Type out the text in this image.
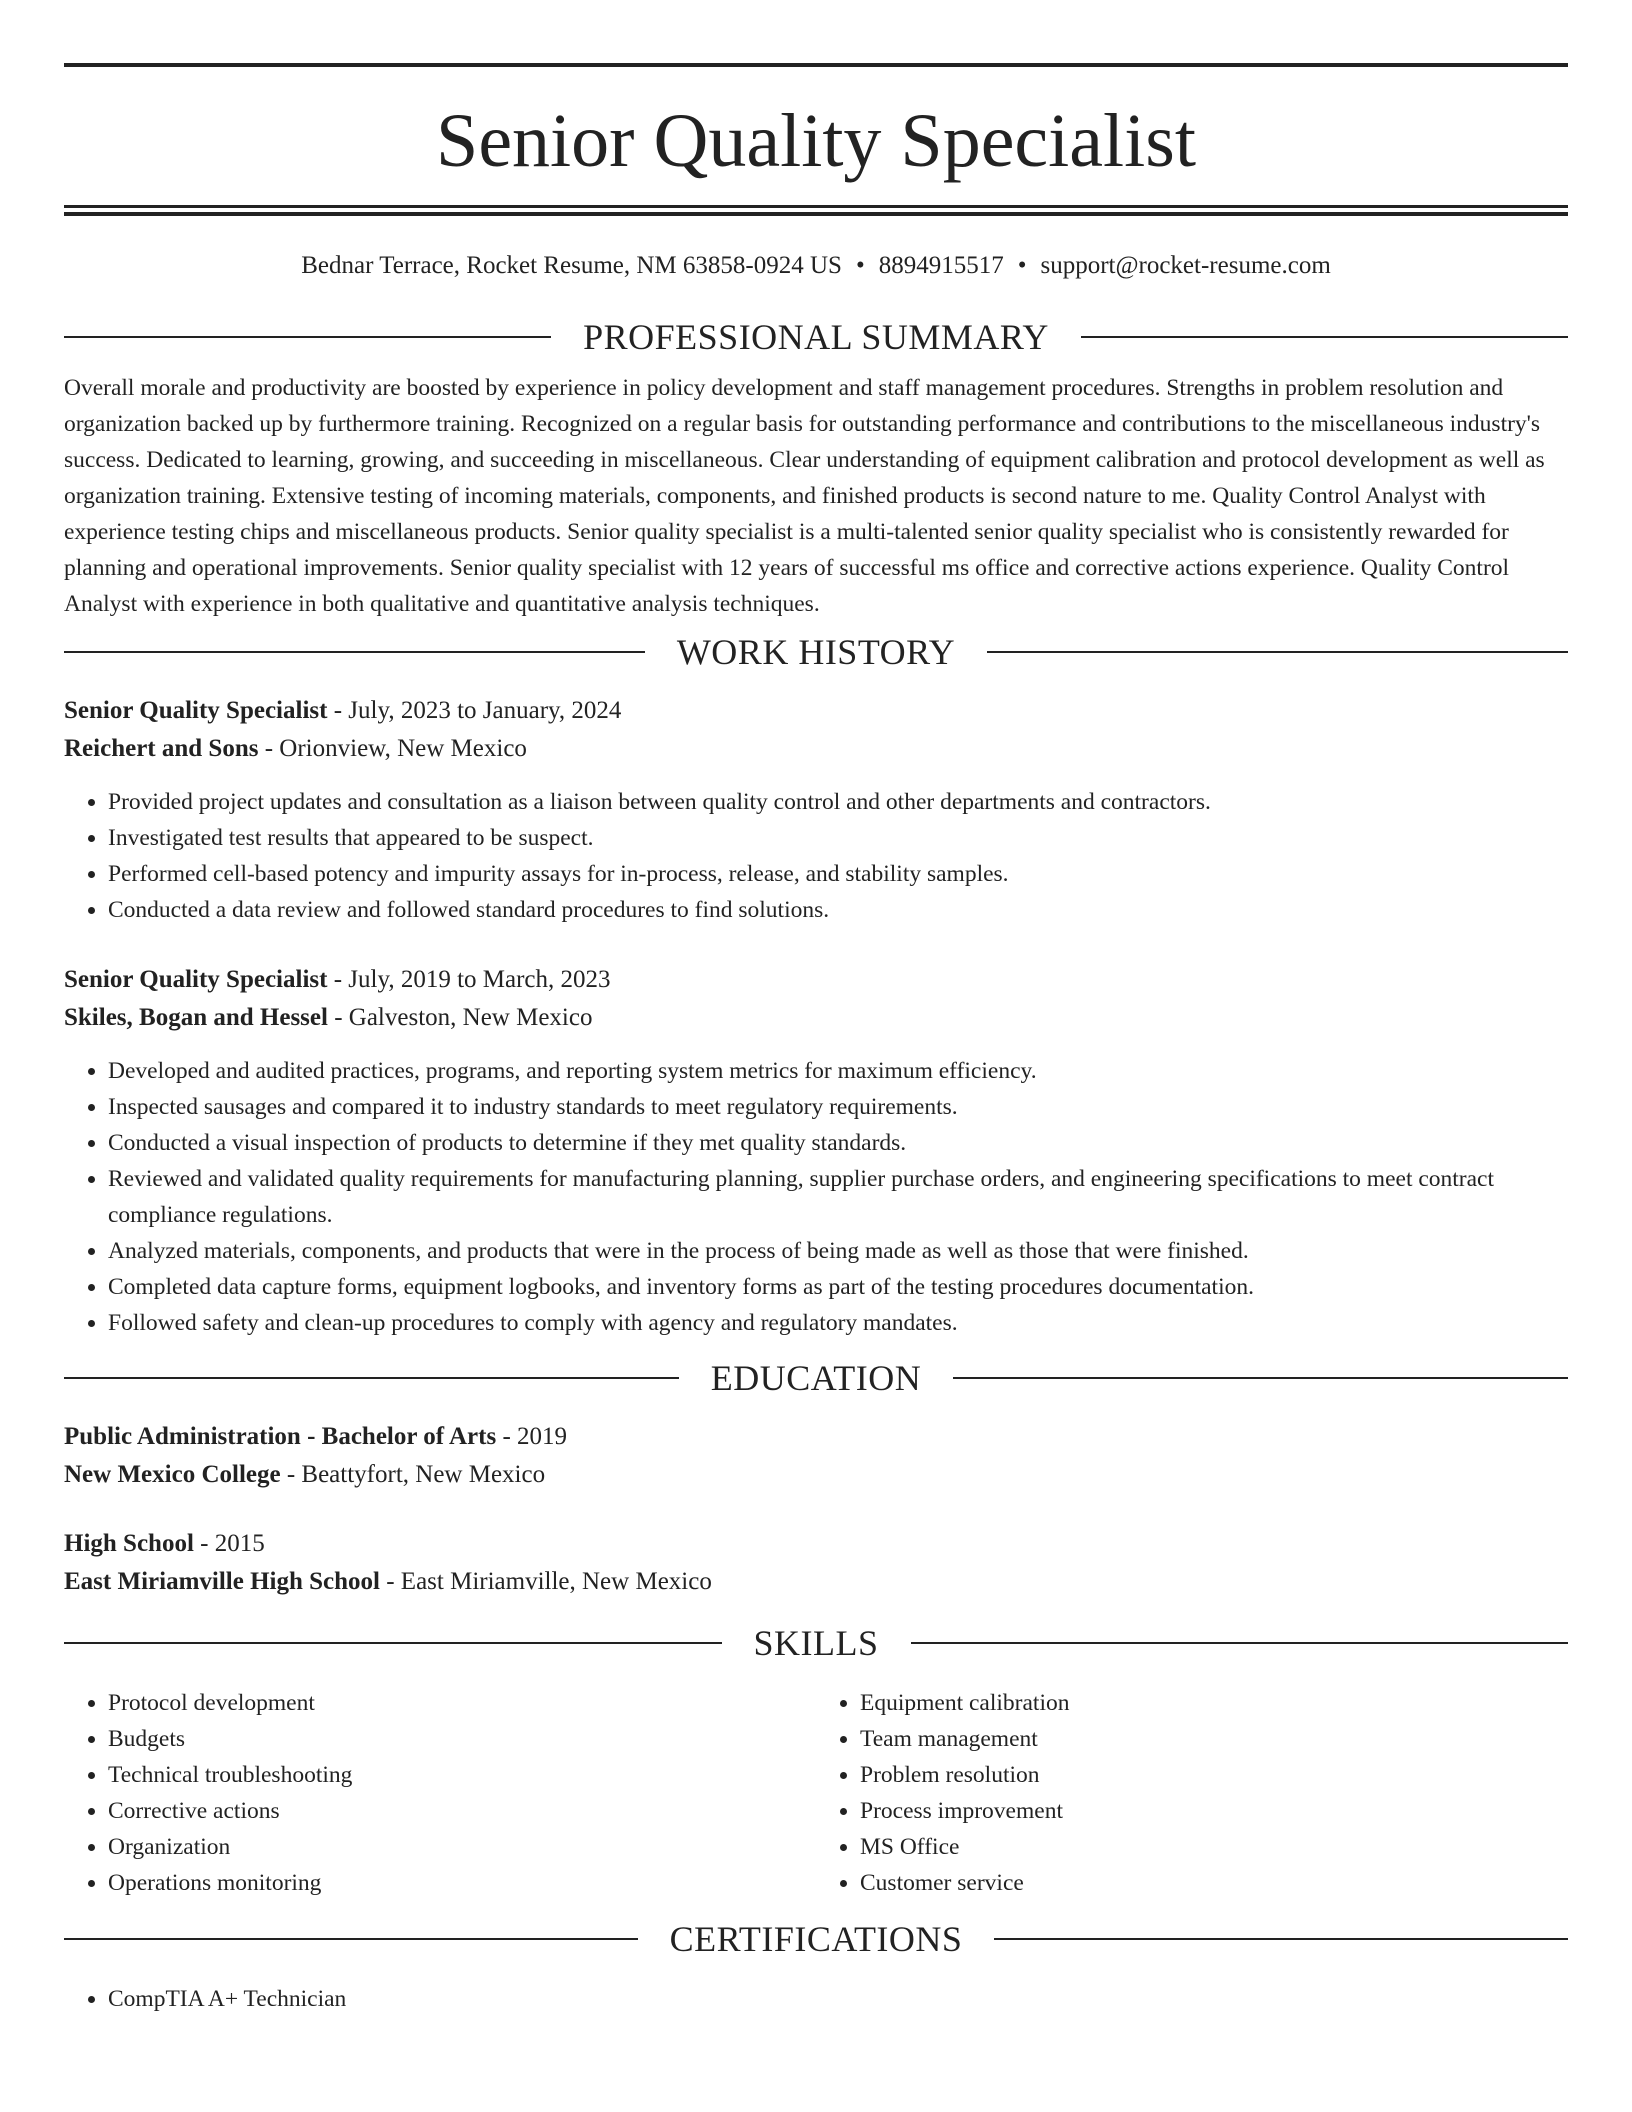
Senior Quality Specialist
Bednar Terrace, Rocket Resume, NM 63858-0924 US • 8894915517 • support@rocket-resume.com
PROFESSIONAL SUMMARY

Overall morale and productivity are boosted by experience in policy development and staff management procedures. Strengths in problem resolution and organization backed up by furthermore training. Recognized on a regular basis for outstanding performance and contributions to the miscellaneous industry's success. Dedicated to learning, growing, and succeeding in miscellaneous. Clear understanding of equipment calibration and protocol development as well as organization training. Extensive testing of incoming materials, components, and finished products is second nature to me. Quality Control Analyst with experience testing chips and miscellaneous products. Senior quality specialist is a multi-talented senior quality specialist who is consistently rewarded for planning and operational improvements. Senior quality specialist with 12 years of successful ms office and corrective actions experience. Quality Control Analyst with experience in both qualitative and quantitative analysis techniques.

WORK HISTORY
Senior Quality Specialist - July, 2023 to January, 2024
Reichert and Sons - Orionview, New Mexico
• Provided project updates and consultation as a liaison between quality control and other departments and contractors.
• Investigated test results that appeared to be suspect.
• Performed cell-based potency and impurity assays for in-process, release, and stability samples.
• Conducted a data review and followed standard procedures to find solutions.
Senior Quality Specialist - July, 2019 to March, 2023
Skiles, Bogan and Hessel - Galveston, New Mexico
• Developed and audited practices, programs, and reporting system metrics for maximum efficiency.
• Inspected sausages and compared it to industry standards to meet regulatory requirements.
• Conducted a visual inspection of products to determine if they met quality standards.
• Reviewed and validated quality requirements for manufacturing planning, supplier purchase orders, and engineering specifications to meet contract compliance regulations.
• Analyzed materials, components, and products that were in the process of being made as well as those that were finished.
• Completed data capture forms, equipment logbooks, and inventory forms as part of the testing procedures documentation.
• Followed safety and clean-up procedures to comply with agency and regulatory mandates.
EDUCATION
Public Administration - Bachelor of Arts - 2019
New Mexico College - Beattyfort, New Mexico
High School - 2015
East Miriamville High School - East Miriamville, New Mexico
SKILLS
• Protocol development
• Budgets
• Technical troubleshooting
• Corrective actions
• Organization
• Operations monitoring
• Equipment calibration
• Team management
• Problem resolution
• Process improvement
• MS Office
• Customer service
CERTIFICATIONS
• CompTIA A+ Technician
